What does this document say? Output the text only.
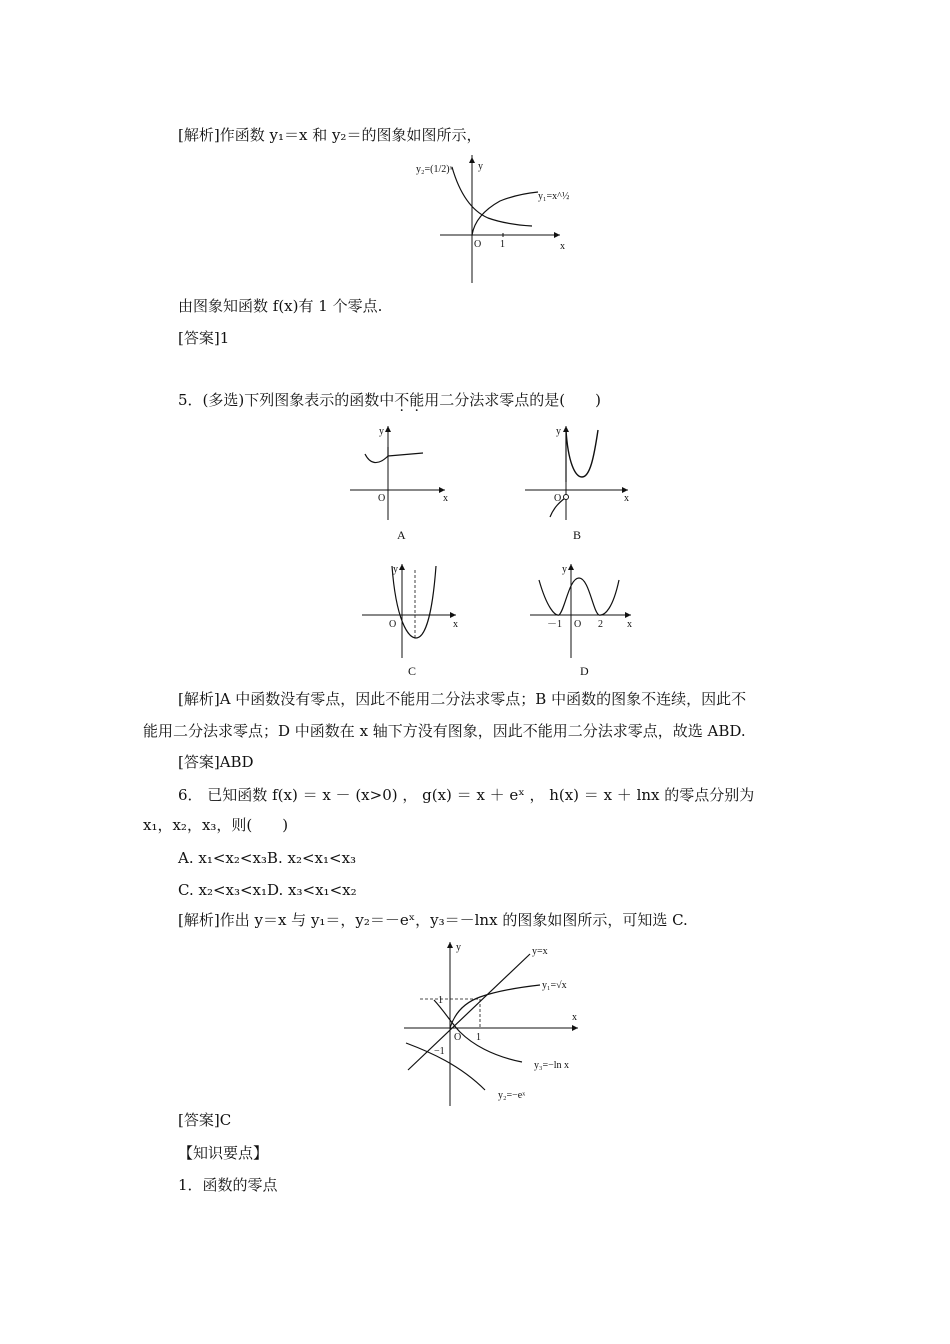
[解析]作函数 y₁＝x 和 y₂＝的图象如图所示，
y₂=(1/2)ˣ	y
y₁=x^½
O 1	x
由图象知函数 f(x)有 1 个零点.
[答案]1
5．(多选)下列图象表示的函数中不能用二分法求零点的是(　　)
y
O	x
A
y
O	x
B
y
O	x
C
y
－1 O 2 x
D
[解析]A 中函数没有零点，因此不能用二分法求零点；B 中函数的图象不连续，因此不
能用二分法求零点；D 中函数在 x 轴下方没有图象，因此不能用二分法求零点，故选 ABD.
[答案]ABD
6． 已知函数 f(x) ＝ x － (x>0) ， g(x) ＝ x ＋ eˣ ， h(x) ＝ x ＋ lnx 的零点分别为
x₁，x₂，x₃，则(　　)
A. x₁<x₂<x₃B. x₂<x₁<x₃
C. x₂<x₃<x₁D. x₃<x₁<x₂
[解析]作出 y＝x 与 y₁＝，y₂＝－eˣ，y₃＝－lnx 的图象如图所示，可知选 C.
y=x
y
y₁=√x
1
x
O 1
−1
y₃=−ln x
y₂=−eˣ
[答案]C
【知识要点】
1．函数的零点
